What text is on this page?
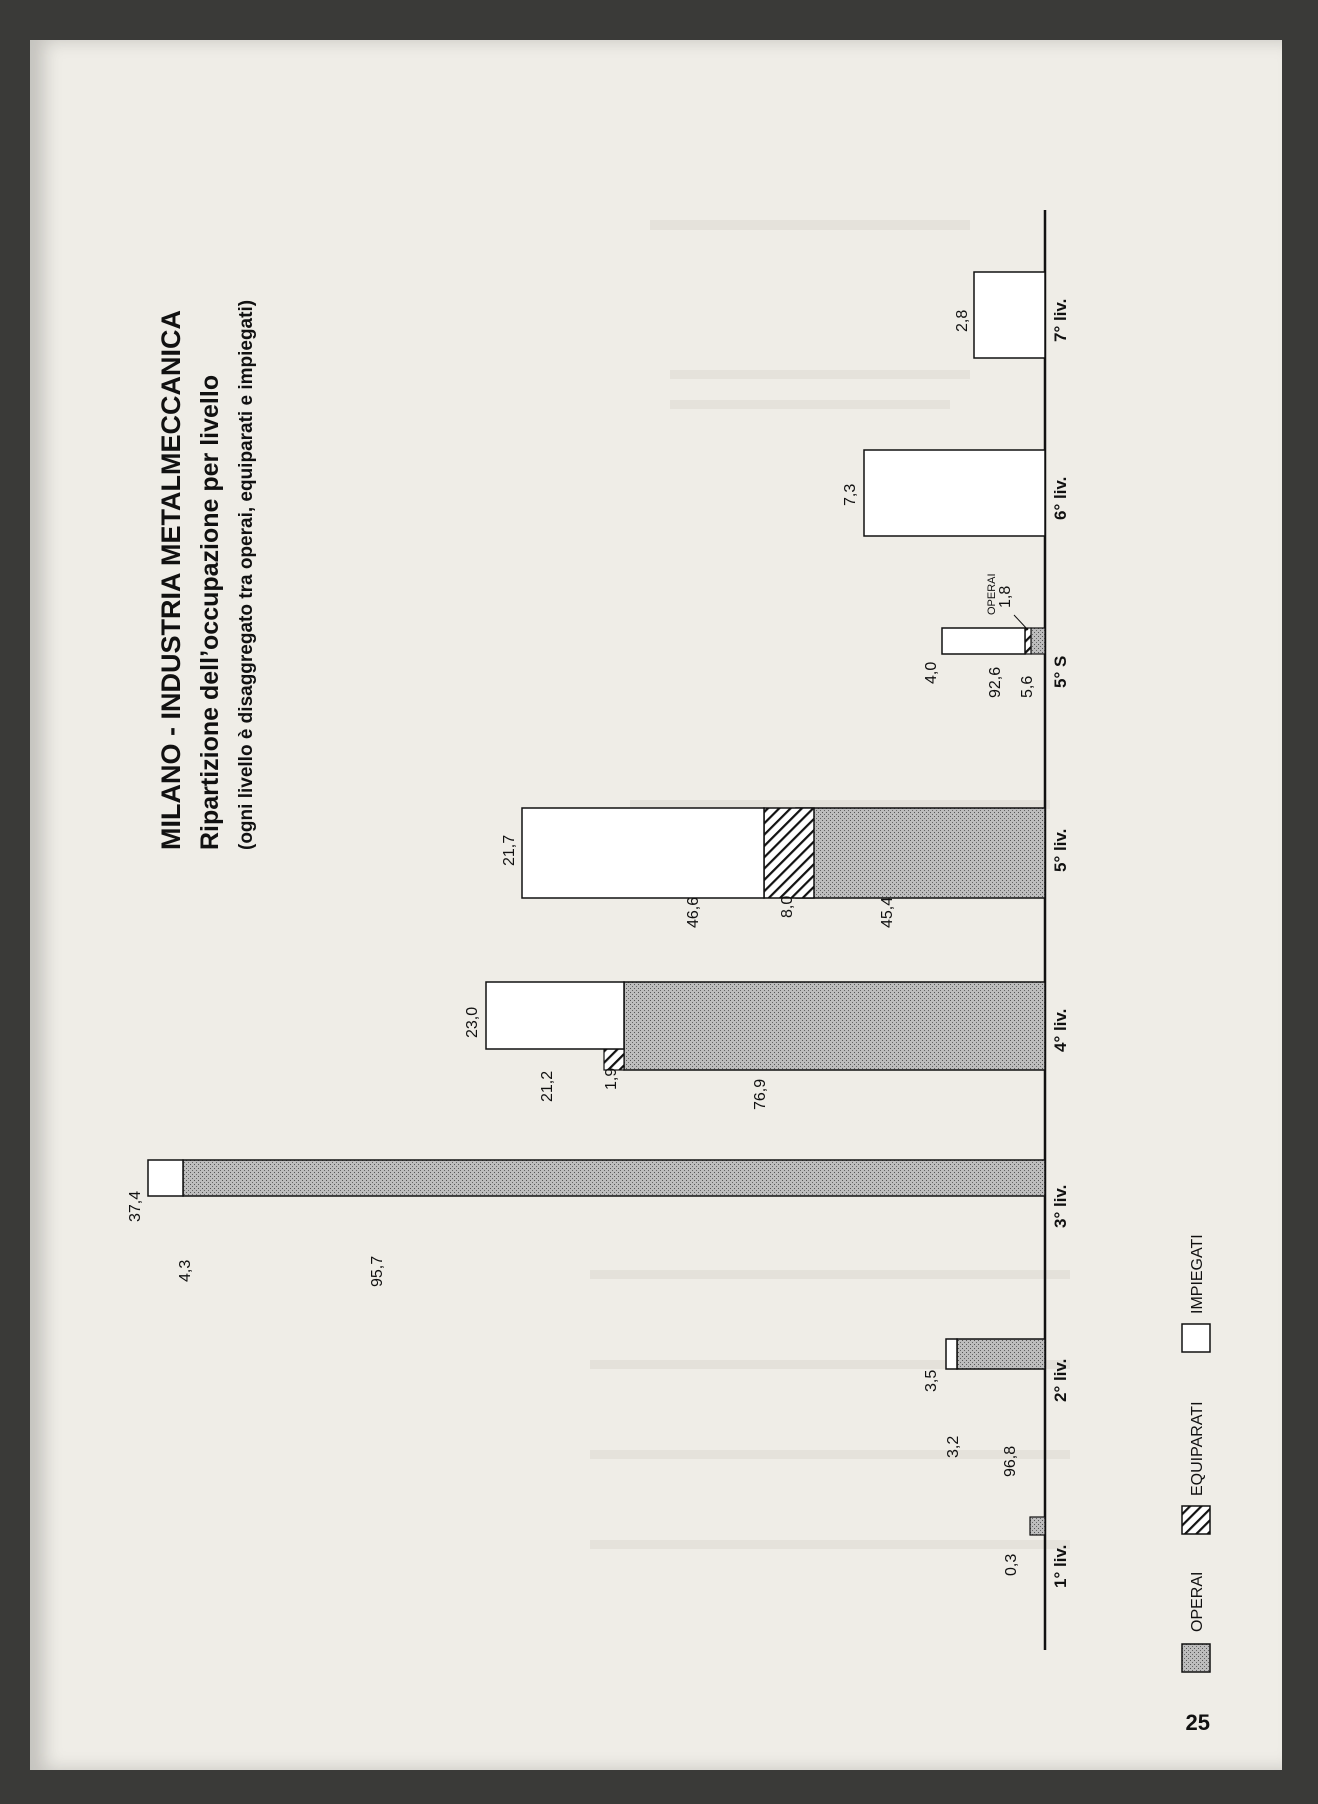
MILANO - INDUSTRIA METALMECCANICA Ripartizione dell’occupazione per livello (ogni livello è disaggregato tra operai, equiparati e impiegati)
0,3 1° liv.
3,5
3,2	96,8
2° liv.
37,4
4,3	95,7
3° liv.
23,0
21,2	1,9	76,9
4° liv.
21,7
46,6	8,0	45,4
5° liv.
4,0	92,6 5,6
OPERAI 1,8
5° S
7,3	6° liv.
2,8	7° liv.
OPERAI
EQUIPARATI
IMPIEGATI
25
